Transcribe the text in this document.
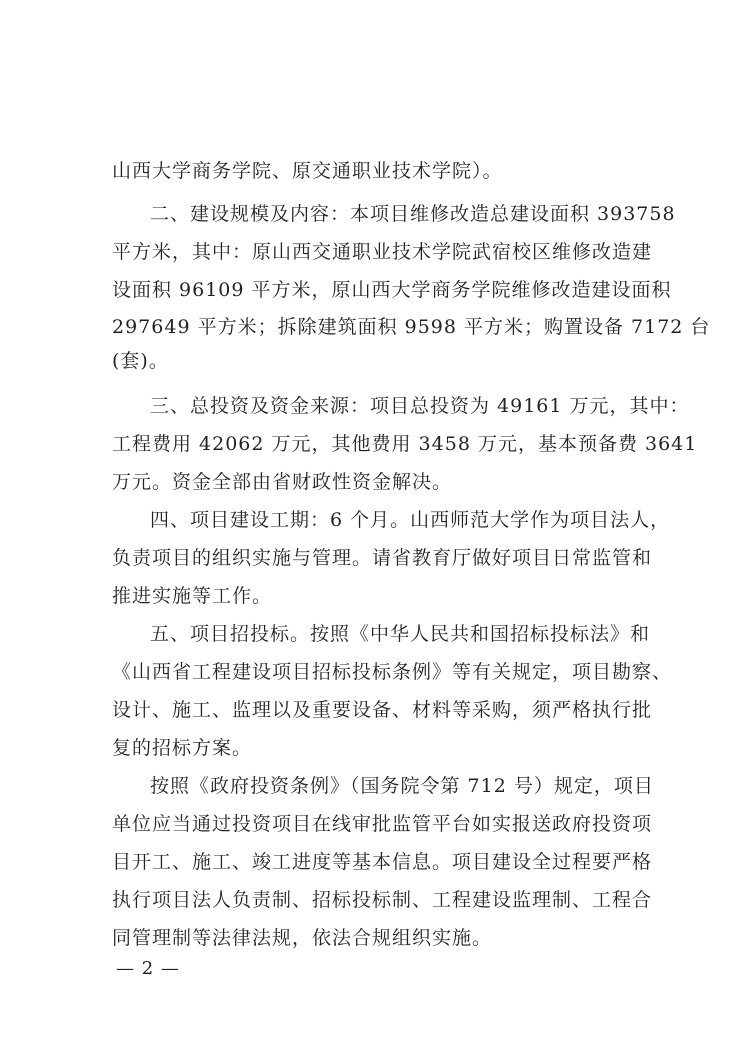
山西大学商务学院、原交通职业技术学院）。
二、建设规模及内容：本项目维修改造总建设面积 393758
平方米，其中：原山西交通职业技术学院武宿校区维修改造建
设面积 96109 平方米，原山西大学商务学院维修改造建设面积
297649 平方米；拆除建筑面积 9598 平方米；购置设备 7172 台
(套)。
三、总投资及资金来源：项目总投资为 49161 万元，其中：
工程费用 42062 万元，其他费用 3458 万元，基本预备费 3641
万元。资金全部由省财政性资金解决。
四、项目建设工期：6 个月。山西师范大学作为项目法人，
负责项目的组织实施与管理。请省教育厅做好项目日常监管和
推进实施等工作。
五、项目招投标。按照《中华人民共和国招标投标法》和
《山西省工程建设项目招标投标条例》等有关规定，项目勘察、
设计、施工、监理以及重要设备、材料等采购，须严格执行批
复的招标方案。
按照《政府投资条例》（国务院令第 712 号）规定，项目
单位应当通过投资项目在线审批监管平台如实报送政府投资项
目开工、施工、竣工进度等基本信息。项目建设全过程要严格
执行项目法人负责制、招标投标制、工程建设监理制、工程合
同管理制等法律法规，依法合规组织实施。
— 2 —
